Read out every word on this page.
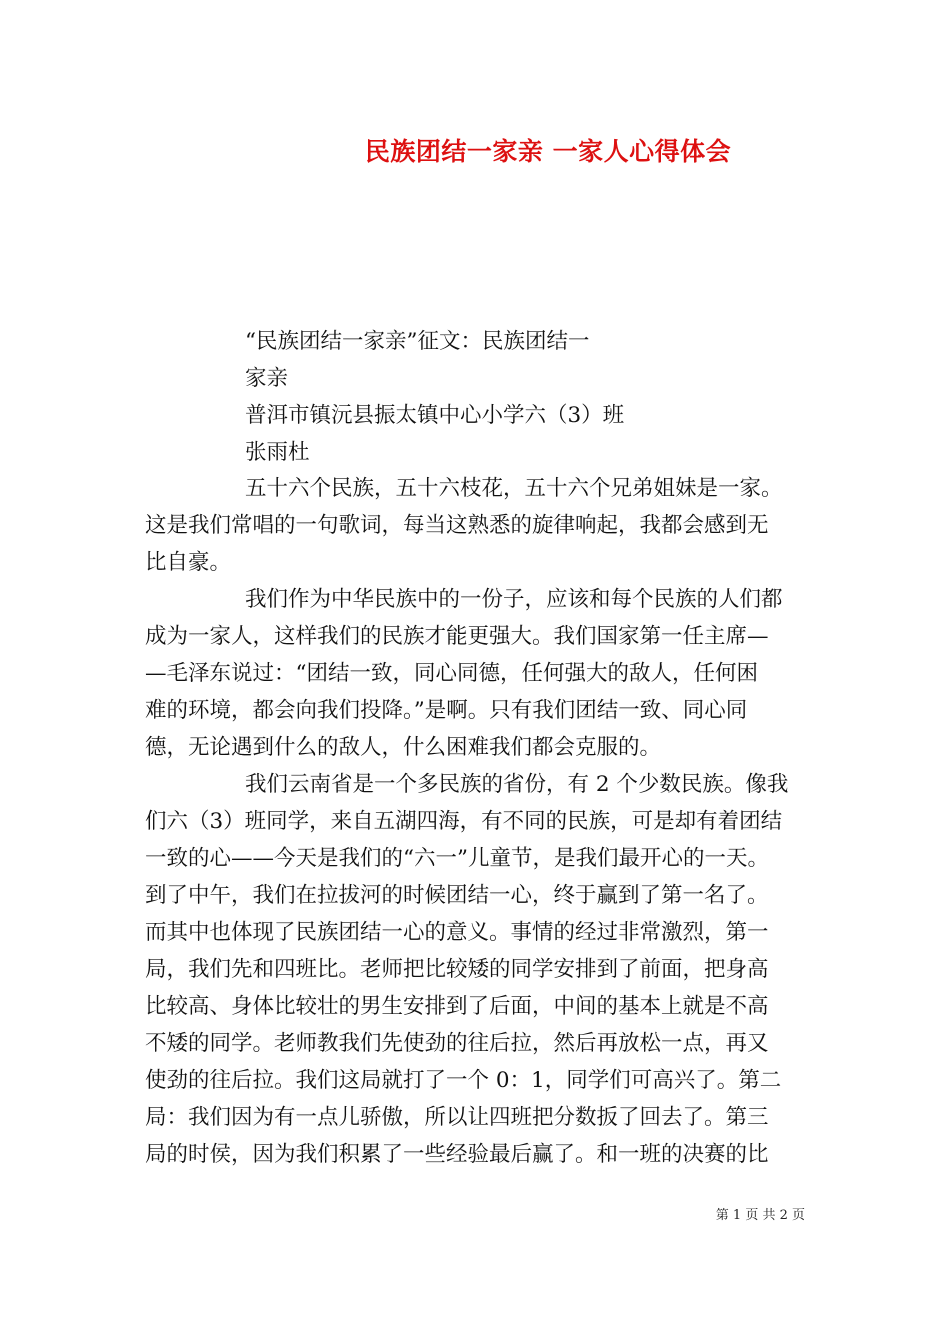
民族团结一家亲 一家人心得体会
“民族团结一家亲”征文：民族团结一
家亲
普洱市镇沅县振太镇中心小学六（3）班
张雨杜
五十六个民族，五十六枝花，五十六个兄弟姐妹是一家。
这是我们常唱的一句歌词，每当这熟悉的旋律响起，我都会感到无
比自豪。
我们作为中华民族中的一份子，应该和每个民族的人们都
成为一家人，这样我们的民族才能更强大。我们国家第一任主席—
—毛泽东说过：“团结一致，同心同德，任何强大的敌人，任何困
难的环境，都会向我们投降。”是啊。只有我们团结一致、同心同
德，无论遇到什么的敌人，什么困难我们都会克服的。
我们云南省是一个多民族的省份，有 2 个少数民族。像我
们六（3）班同学，来自五湖四海，有不同的民族，可是却有着团结
一致的心——今天是我们的“六一”儿童节，是我们最开心的一天。
到了中午，我们在拉拔河的时候团结一心，终于赢到了第一名了。
而其中也体现了民族团结一心的意义。事情的经过非常激烈，第一
局，我们先和四班比。老师把比较矮的同学安排到了前面，把身高
比较高、身体比较壮的男生安排到了后面，中间的基本上就是不高
不矮的同学。老师教我们先使劲的往后拉，然后再放松一点，再又
使劲的往后拉。我们这局就打了一个 0：1，同学们可高兴了。第二
局：我们因为有一点儿骄傲，所以让四班把分数扳了回去了。第三
局的时侯，因为我们积累了一些经验最后赢了。和一班的决赛的比
第 1 页 共 2 页
